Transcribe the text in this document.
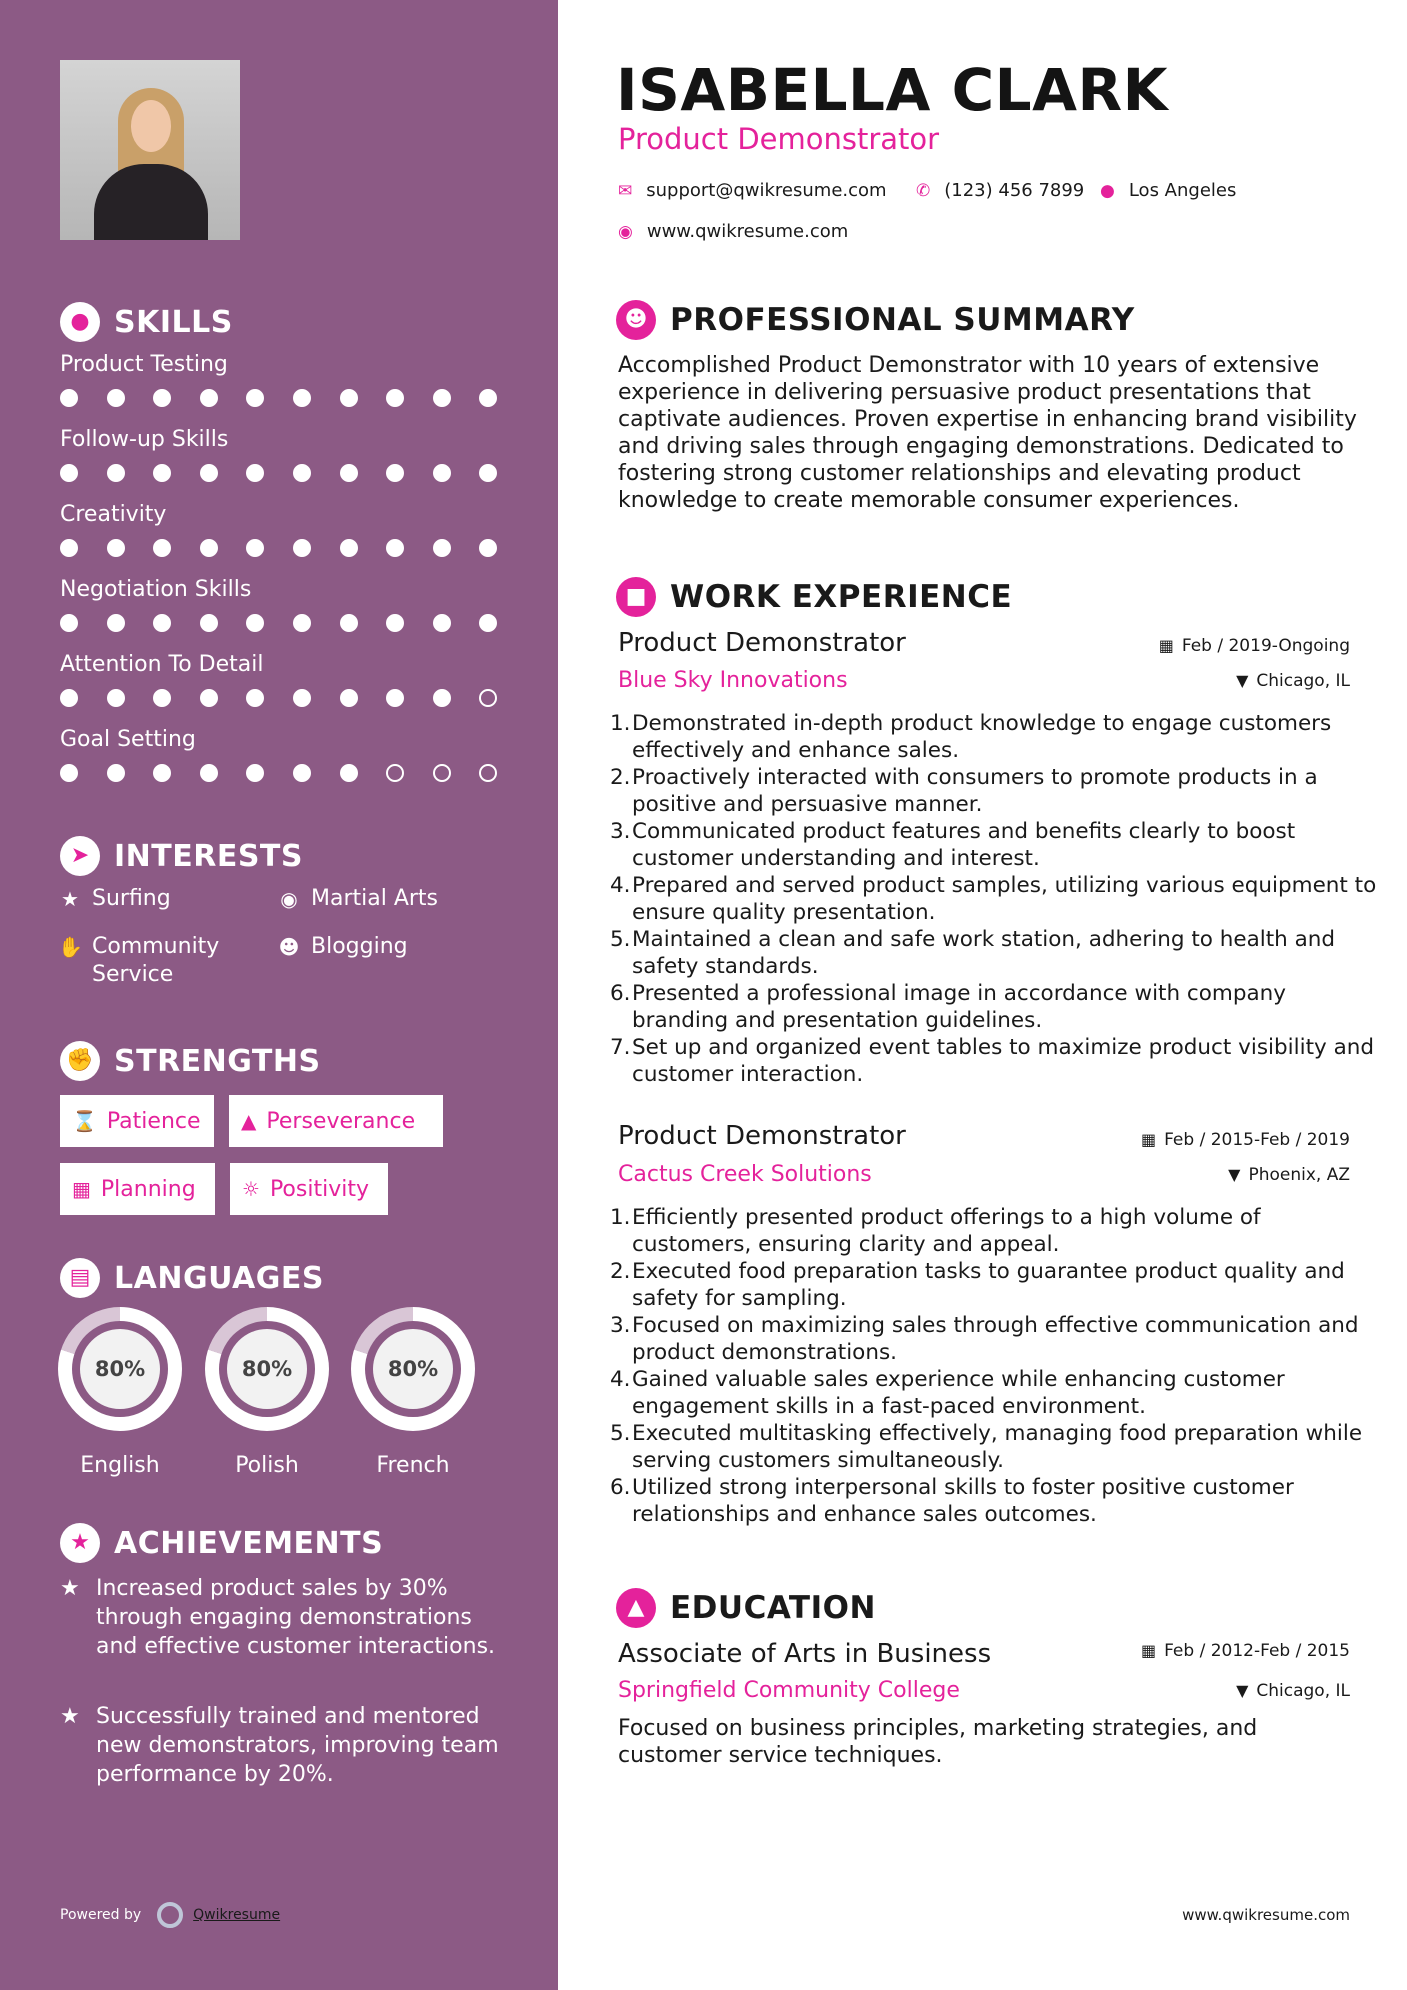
● SKILLS
Product Testing
Follow-up Skills
Creativity
Negotiation Skills
Attention To Detail
Goal Setting
➤ INTERESTS
★ Surfing	◉ Martial Arts
✋ Community Service
☻ Blogging
✊ STRENGTHS
⌛ Patience ▲ Perseverance
▦ Planning ☼ Positivity
▤ LANGUAGES
80%
English
80%
Polish
80%
French
★ ACHIEVEMENTS
★ Increased product sales by 30% through engaging demonstrations and effective customer interactions.
★ Successfully trained and mentored new demonstrators, improving team performance by 20%.
Powered by	Qwikresume
ISABELLA CLARK
Product Demonstrator
✉ support@qwikresume.com ✆ (123) 456 7899 ● Los Angeles
◉ www.qwikresume.com
☻ PROFESSIONAL SUMMARY
Accomplished Product Demonstrator with 10 years of extensive experience in delivering persuasive product presentations that captivate audiences. Proven expertise in enhancing brand visibility and driving sales through engaging demonstrations. Dedicated to fostering strong customer relationships and elevating product knowledge to create memorable consumer experiences.
■ WORK EXPERIENCE
Product Demonstrator
Blue Sky Innovations
▦ Feb / 2019-Ongoing
▼ Chicago, IL
1. Demonstrated in-depth product knowledge to engage customers effectively and enhance sales.
2. Proactively interacted with consumers to promote products in a positive and persuasive manner.
3. Communicated product features and benefits clearly to boost customer understanding and interest.
4. Prepared and served product samples, utilizing various equipment to ensure quality presentation.
5. Maintained a clean and safe work station, adhering to health and safety standards.
6. Presented a professional image in accordance with company branding and presentation guidelines.
7. Set up and organized event tables to maximize product visibility and customer interaction.
Product Demonstrator
Cactus Creek Solutions
▦ Feb / 2015-Feb / 2019
▼ Phoenix, AZ
1. Efficiently presented product offerings to a high volume of customers, ensuring clarity and appeal.
2. Executed food preparation tasks to guarantee product quality and safety for sampling.
3. Focused on maximizing sales through effective communication and product demonstrations.
4. Gained valuable sales experience while enhancing customer engagement skills in a fast-paced environment.
5. Executed multitasking effectively, managing food preparation while serving customers simultaneously.
6. Utilized strong interpersonal skills to foster positive customer relationships and enhance sales outcomes.
▲ EDUCATION
Associate of Arts in Business
Springfield Community College
▦ Feb / 2012-Feb / 2015
▼ Chicago, IL
Focused on business principles, marketing strategies, and customer service techniques.
www.qwikresume.com
